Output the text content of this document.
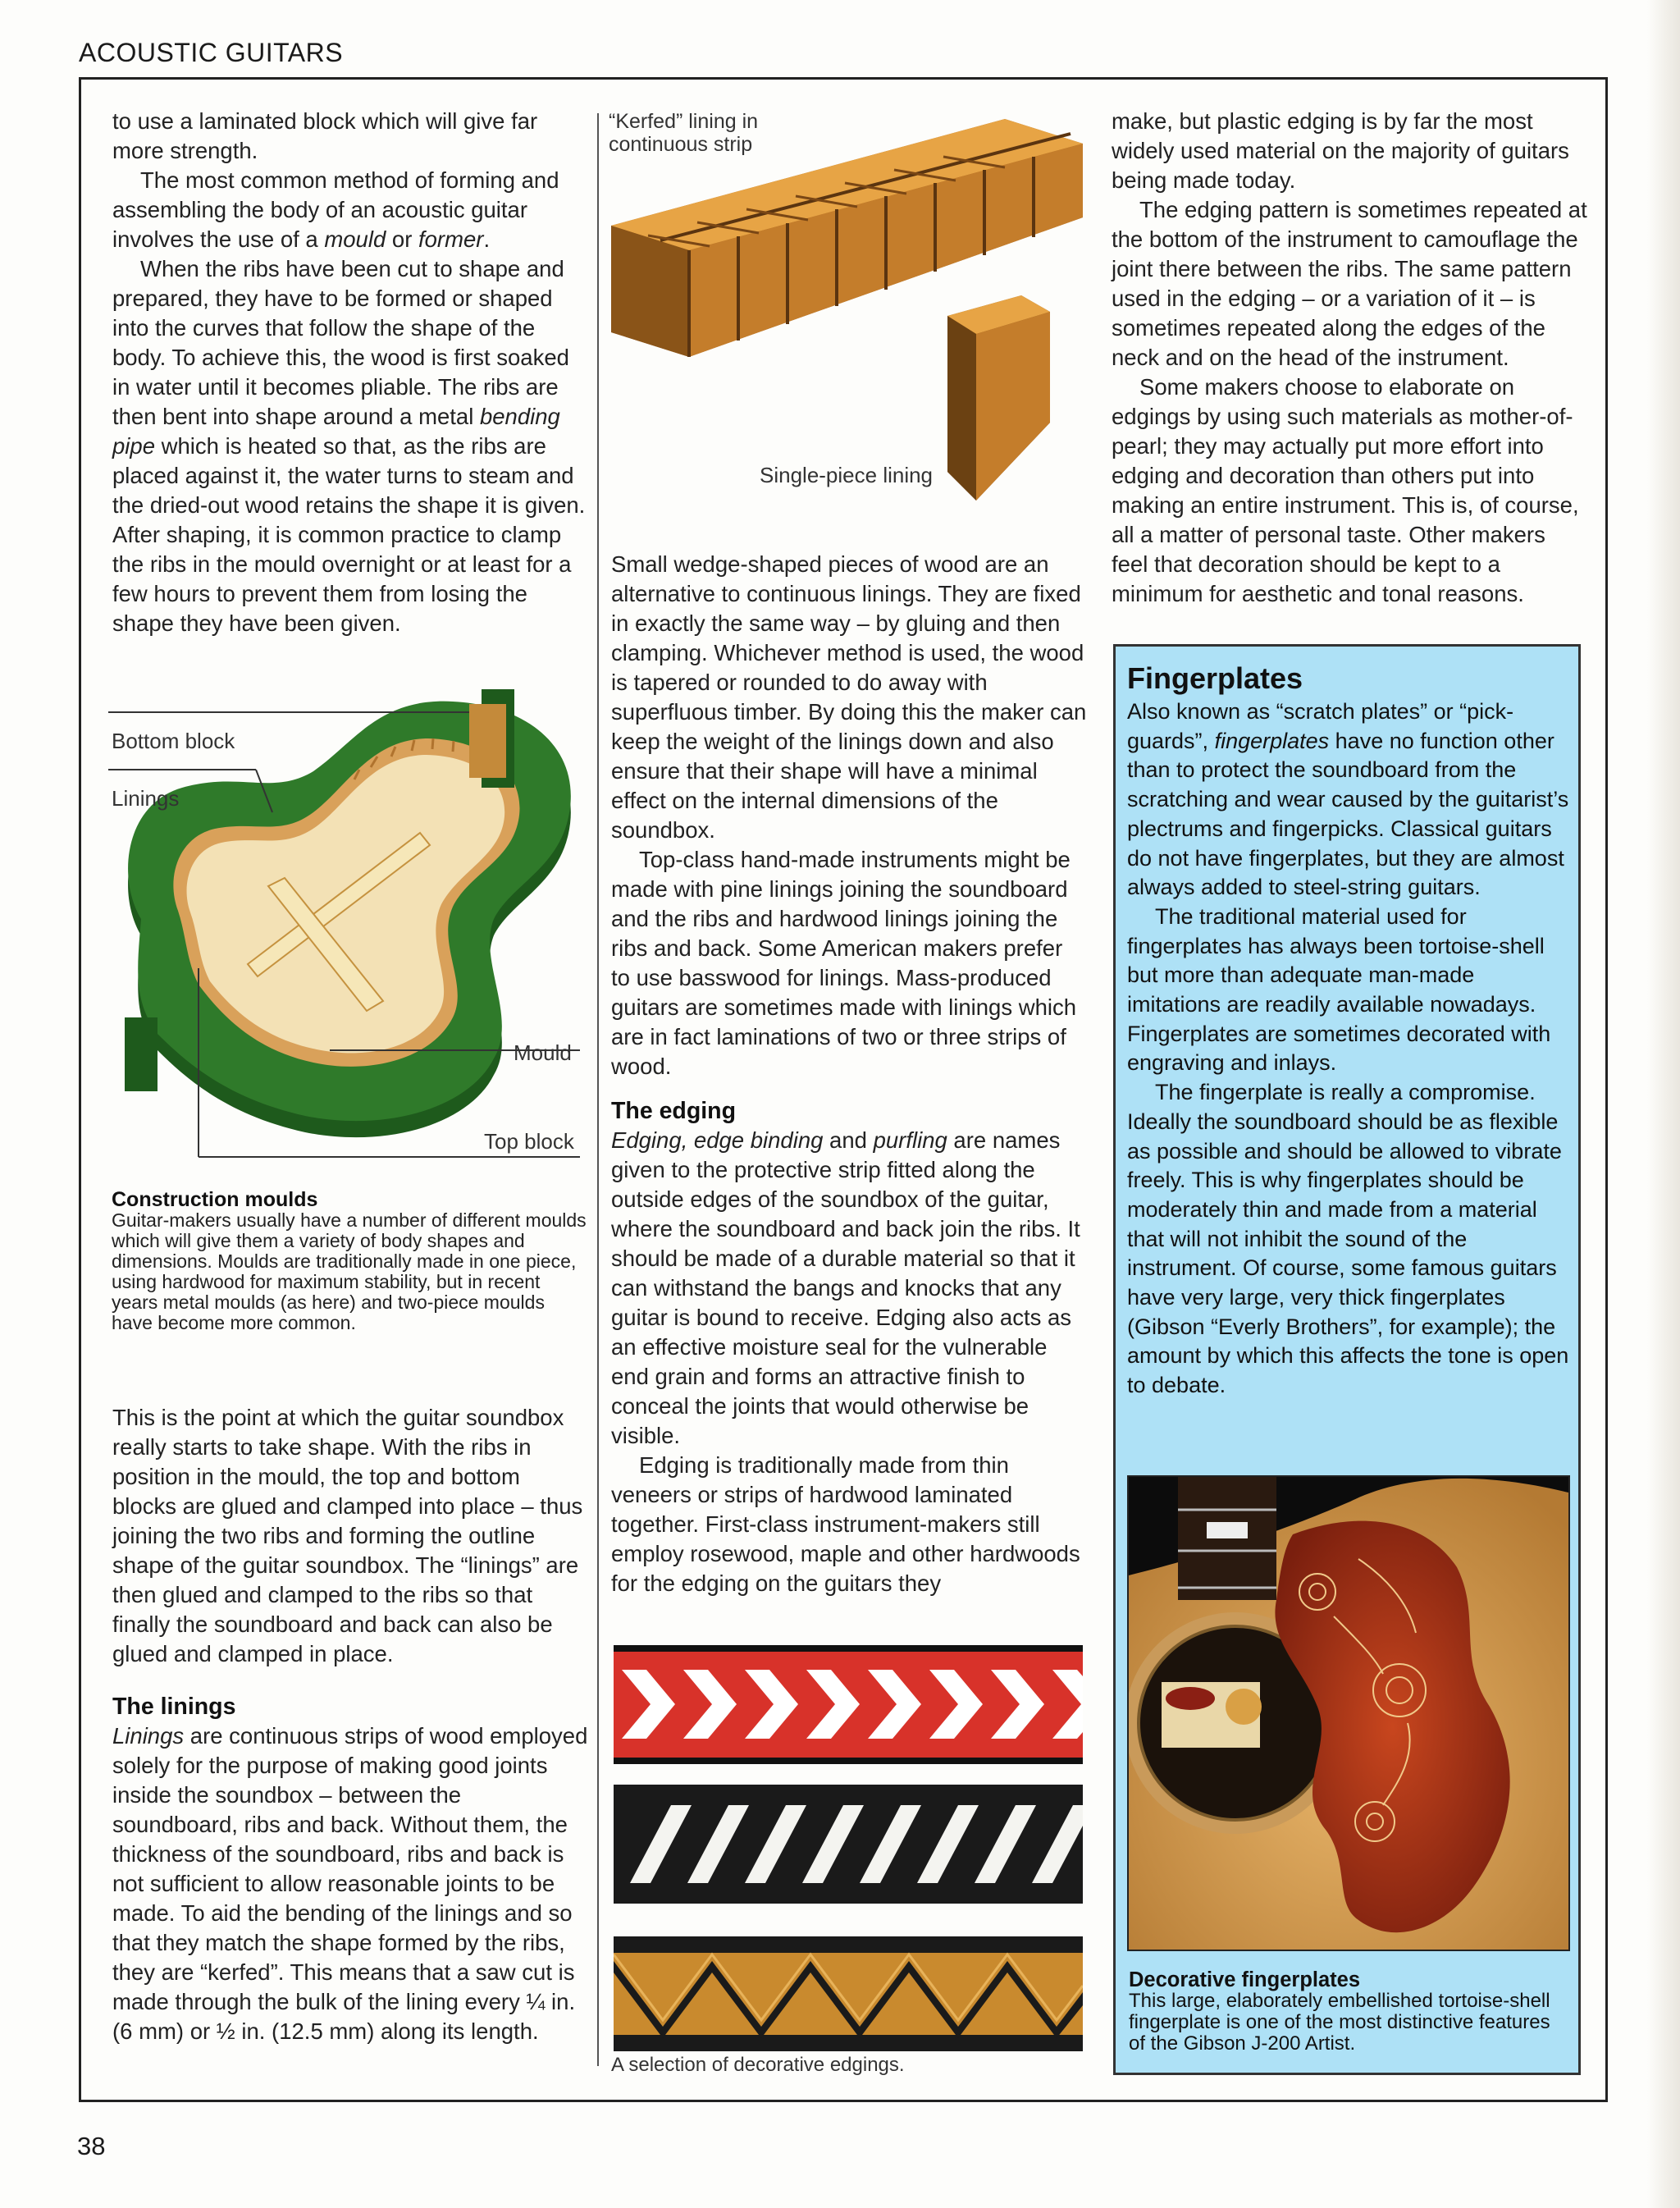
ACOUSTIC GUITARS

to use a laminated block which will give far more strength.

The most common method of forming and assembling the body of an acoustic guitar involves the use of a mould or former.

When the ribs have been cut to shape and prepared, they have to be formed or shaped into the curves that follow the shape of the body. To achieve this, the wood is first soaked in water until it becomes pliable. The ribs are then bent into shape around a metal bending pipe which is heated so that, as the ribs are placed against it, the water turns to steam and the dried-out wood retains the shape it is given. After shaping, it is common practice to clamp the ribs in the mould overnight or at least for a few hours to prevent them from losing the shape they have been given.

Bottom block
Linings
Mould
Top block
Construction moulds
Guitar-makers usually have a number of different moulds which will give them a variety of body shapes and dimensions. Moulds are traditionally made in one piece, using hardwood for maximum stability, but in recent years metal moulds (as here) and two-piece moulds have become more common.

This is the point at which the guitar soundbox really starts to take shape. With the ribs in position in the mould, the top and bottom blocks are glued and clamped into place – thus joining the two ribs and forming the outline shape of the guitar soundbox. The “linings” are then glued and clamped to the ribs so that finally the soundboard and back can also be glued and clamped in place.

The linings

Linings are continuous strips of wood employed solely for the purpose of making good joints inside the soundbox – between the soundboard, ribs and back. Without them, the thickness of the soundboard, ribs and back is not sufficient to allow reasonable joints to be made. To aid the bending of the linings and so that they match the shape formed by the ribs, they are “kerfed”. This means that a saw cut is made through the bulk of the lining every ¼ in. (6 mm) or ½ in. (12.5 mm) along its length.

“Kerfed” lining in continuous strip
Single-piece lining

Small wedge-shaped pieces of wood are an alternative to continuous linings. They are fixed in exactly the same way – by gluing and then clamping. Whichever method is used, the wood is tapered or rounded to do away with superfluous timber. By doing this the maker can keep the weight of the linings down and also ensure that their shape will have a minimal effect on the internal dimensions of the soundbox.

Top-class hand-made instruments might be made with pine linings joining the soundboard and the ribs and hardwood linings joining the ribs and back. Some American makers prefer to use basswood for linings. Mass-produced guitars are sometimes made with linings which are in fact laminations of two or three strips of wood.

The edging

Edging, edge binding and purfling are names given to the protective strip fitted along the outside edges of the soundbox of the guitar, where the soundboard and back join the ribs. It should be made of a durable material so that it can withstand the bangs and knocks that any guitar is bound to receive. Edging also acts as an effective moisture seal for the vulnerable end grain and forms an attractive finish to conceal the joints that would otherwise be visible.

Edging is traditionally made from thin veneers or strips of hardwood laminated together. First-class instrument-makers still employ rosewood, maple and other hardwoods for the edging on the guitars they

A selection of decorative edgings.

make, but plastic edging is by far the most widely used material on the majority of guitars being made today.

The edging pattern is sometimes repeated at the bottom of the instrument to camouflage the joint there between the ribs. The same pattern used in the edging – or a variation of it – is sometimes repeated along the edges of the neck and on the head of the instrument.

Some makers choose to elaborate on edgings by using such materials as mother-of-pearl; they may actually put more effort into edging and decoration than others put into making an entire instrument. This is, of course, all a matter of personal taste. Other makers feel that decoration should be kept to a minimum for aesthetic and tonal reasons.

Fingerplates

Also known as “scratch plates” or “pick-guards”, fingerplates have no function other than to protect the soundboard from the scratching and wear caused by the guitarist’s plectrums and fingerpicks. Classical guitars do not have fingerplates, but they are almost always added to steel-string guitars.

The traditional material used for fingerplates has always been tortoise-shell but more than adequate man-made imitations are readily available nowadays. Fingerplates are sometimes decorated with engraving and inlays.

The fingerplate is really a compromise. Ideally the soundboard should be as flexible as possible and should be allowed to vibrate freely. This is why fingerplates should be moderately thin and made from a material that will not inhibit the sound of the instrument. Of course, some famous guitars have very large, very thick fingerplates (Gibson “Everly Brothers”, for example); the amount by which this affects the tone is open to debate.

Decorative fingerplates
This large, elaborately embellished tortoise-shell fingerplate is one of the most distinctive features of the Gibson J-200 Artist.
38
